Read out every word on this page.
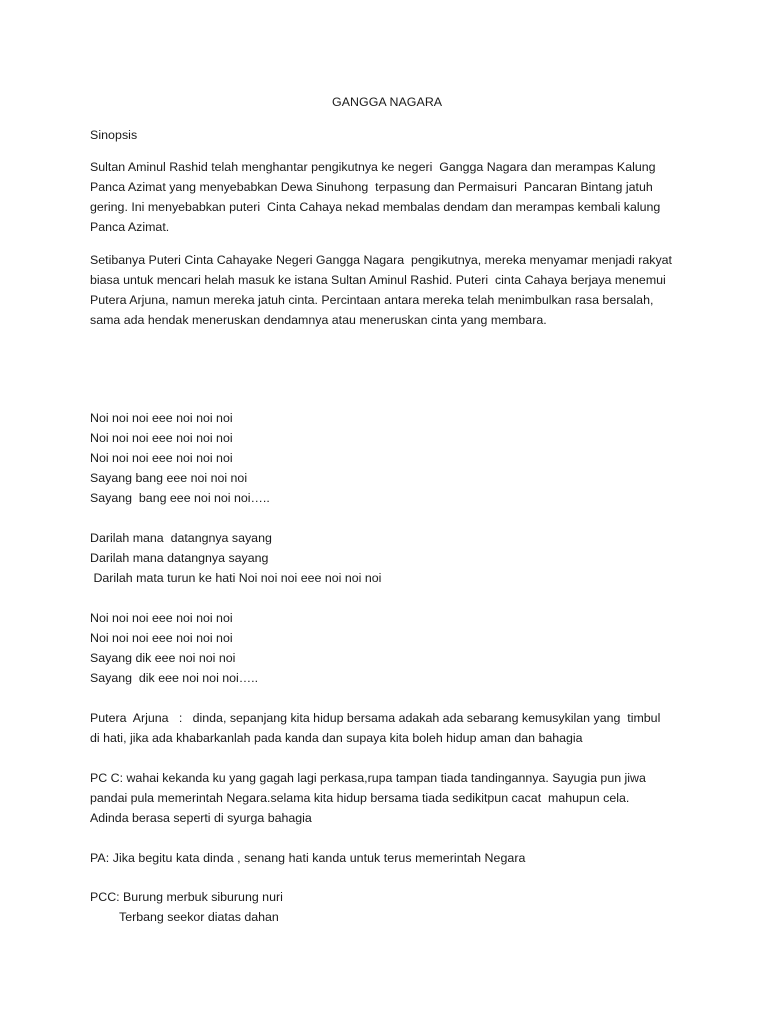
GANGGA NAGARA
Sinopsis
Sultan Aminul Rashid telah menghantar pengikutnya ke negeri  Gangga Nagara dan merampas Kalung
Panca Azimat yang menyebabkan Dewa Sinuhong  terpasung dan Permaisuri  Pancaran Bintang jatuh
gering. Ini menyebabkan puteri  Cinta Cahaya nekad membalas dendam dan merampas kembali kalung
Panca Azimat.
Setibanya Puteri Cinta Cahayake Negeri Gangga Nagara  pengikutnya, mereka menyamar menjadi rakyat
biasa untuk mencari helah masuk ke istana Sultan Aminul Rashid. Puteri  cinta Cahaya berjaya menemui
Putera Arjuna, namun mereka jatuh cinta. Percintaan antara mereka telah menimbulkan rasa bersalah,
sama ada hendak meneruskan dendamnya atau meneruskan cinta yang membara.
Noi noi noi eee noi noi noi
Noi noi noi eee noi noi noi
Noi noi noi eee noi noi noi
Sayang bang eee noi noi noi
Sayang  bang eee noi noi noi…..
Darilah mana  datangnya sayang
Darilah mana datangnya sayang
Darilah mata turun ke hati Noi noi noi eee noi noi noi
Noi noi noi eee noi noi noi
Noi noi noi eee noi noi noi
Sayang dik eee noi noi noi
Sayang  dik eee noi noi noi…..
Putera  Arjuna   :   dinda, sepanjang kita hidup bersama adakah ada sebarang kemusykilan yang  timbul
di hati, jika ada khabarkanlah pada kanda dan supaya kita boleh hidup aman dan bahagia
PC C: wahai kekanda ku yang gagah lagi perkasa,rupa tampan tiada tandingannya. Sayugia pun jiwa
pandai pula memerintah Negara.selama kita hidup bersama tiada sedikitpun cacat  mahupun cela.
Adinda berasa seperti di syurga bahagia
PA: Jika begitu kata dinda , senang hati kanda untuk terus memerintah Negara
PCC: Burung merbuk siburung nuri
Terbang seekor diatas dahan
